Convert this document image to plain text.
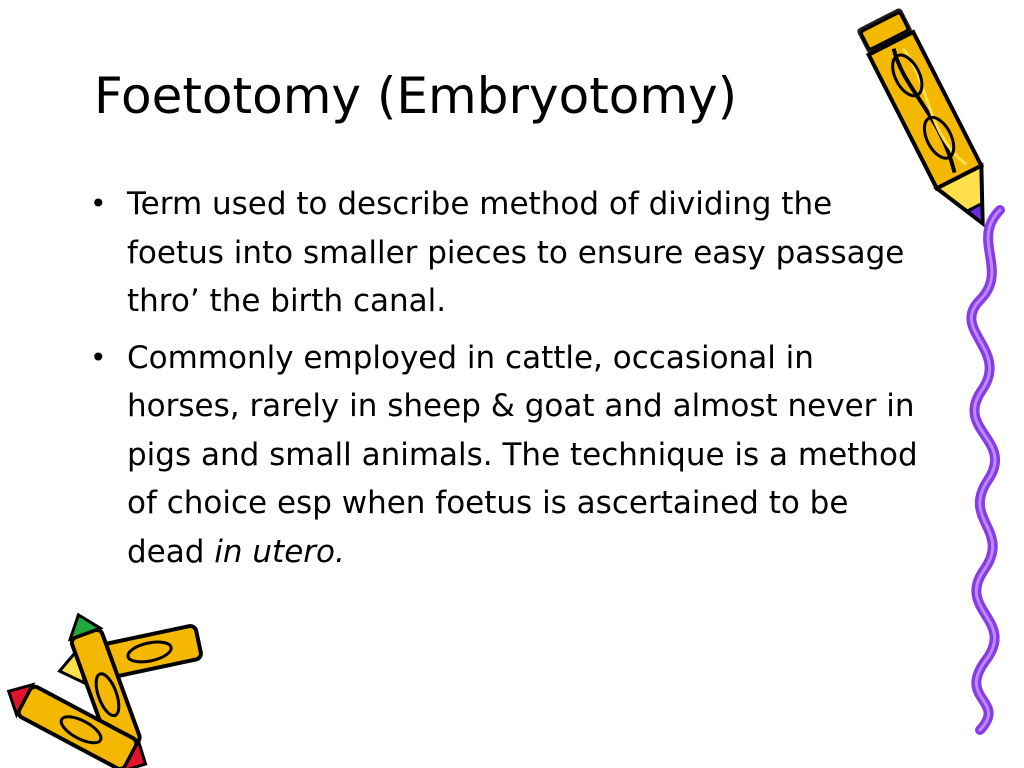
Foetotomy (Embryotomy)
• Term used to describe method of dividing the foetus into smaller pieces to ensure easy passage thro’ the birth canal.
• Commonly employed in cattle, occasional in horses, rarely in sheep & goat and almost never in pigs and small animals. The technique is a method of choice esp when foetus is ascertained to be dead in utero.
